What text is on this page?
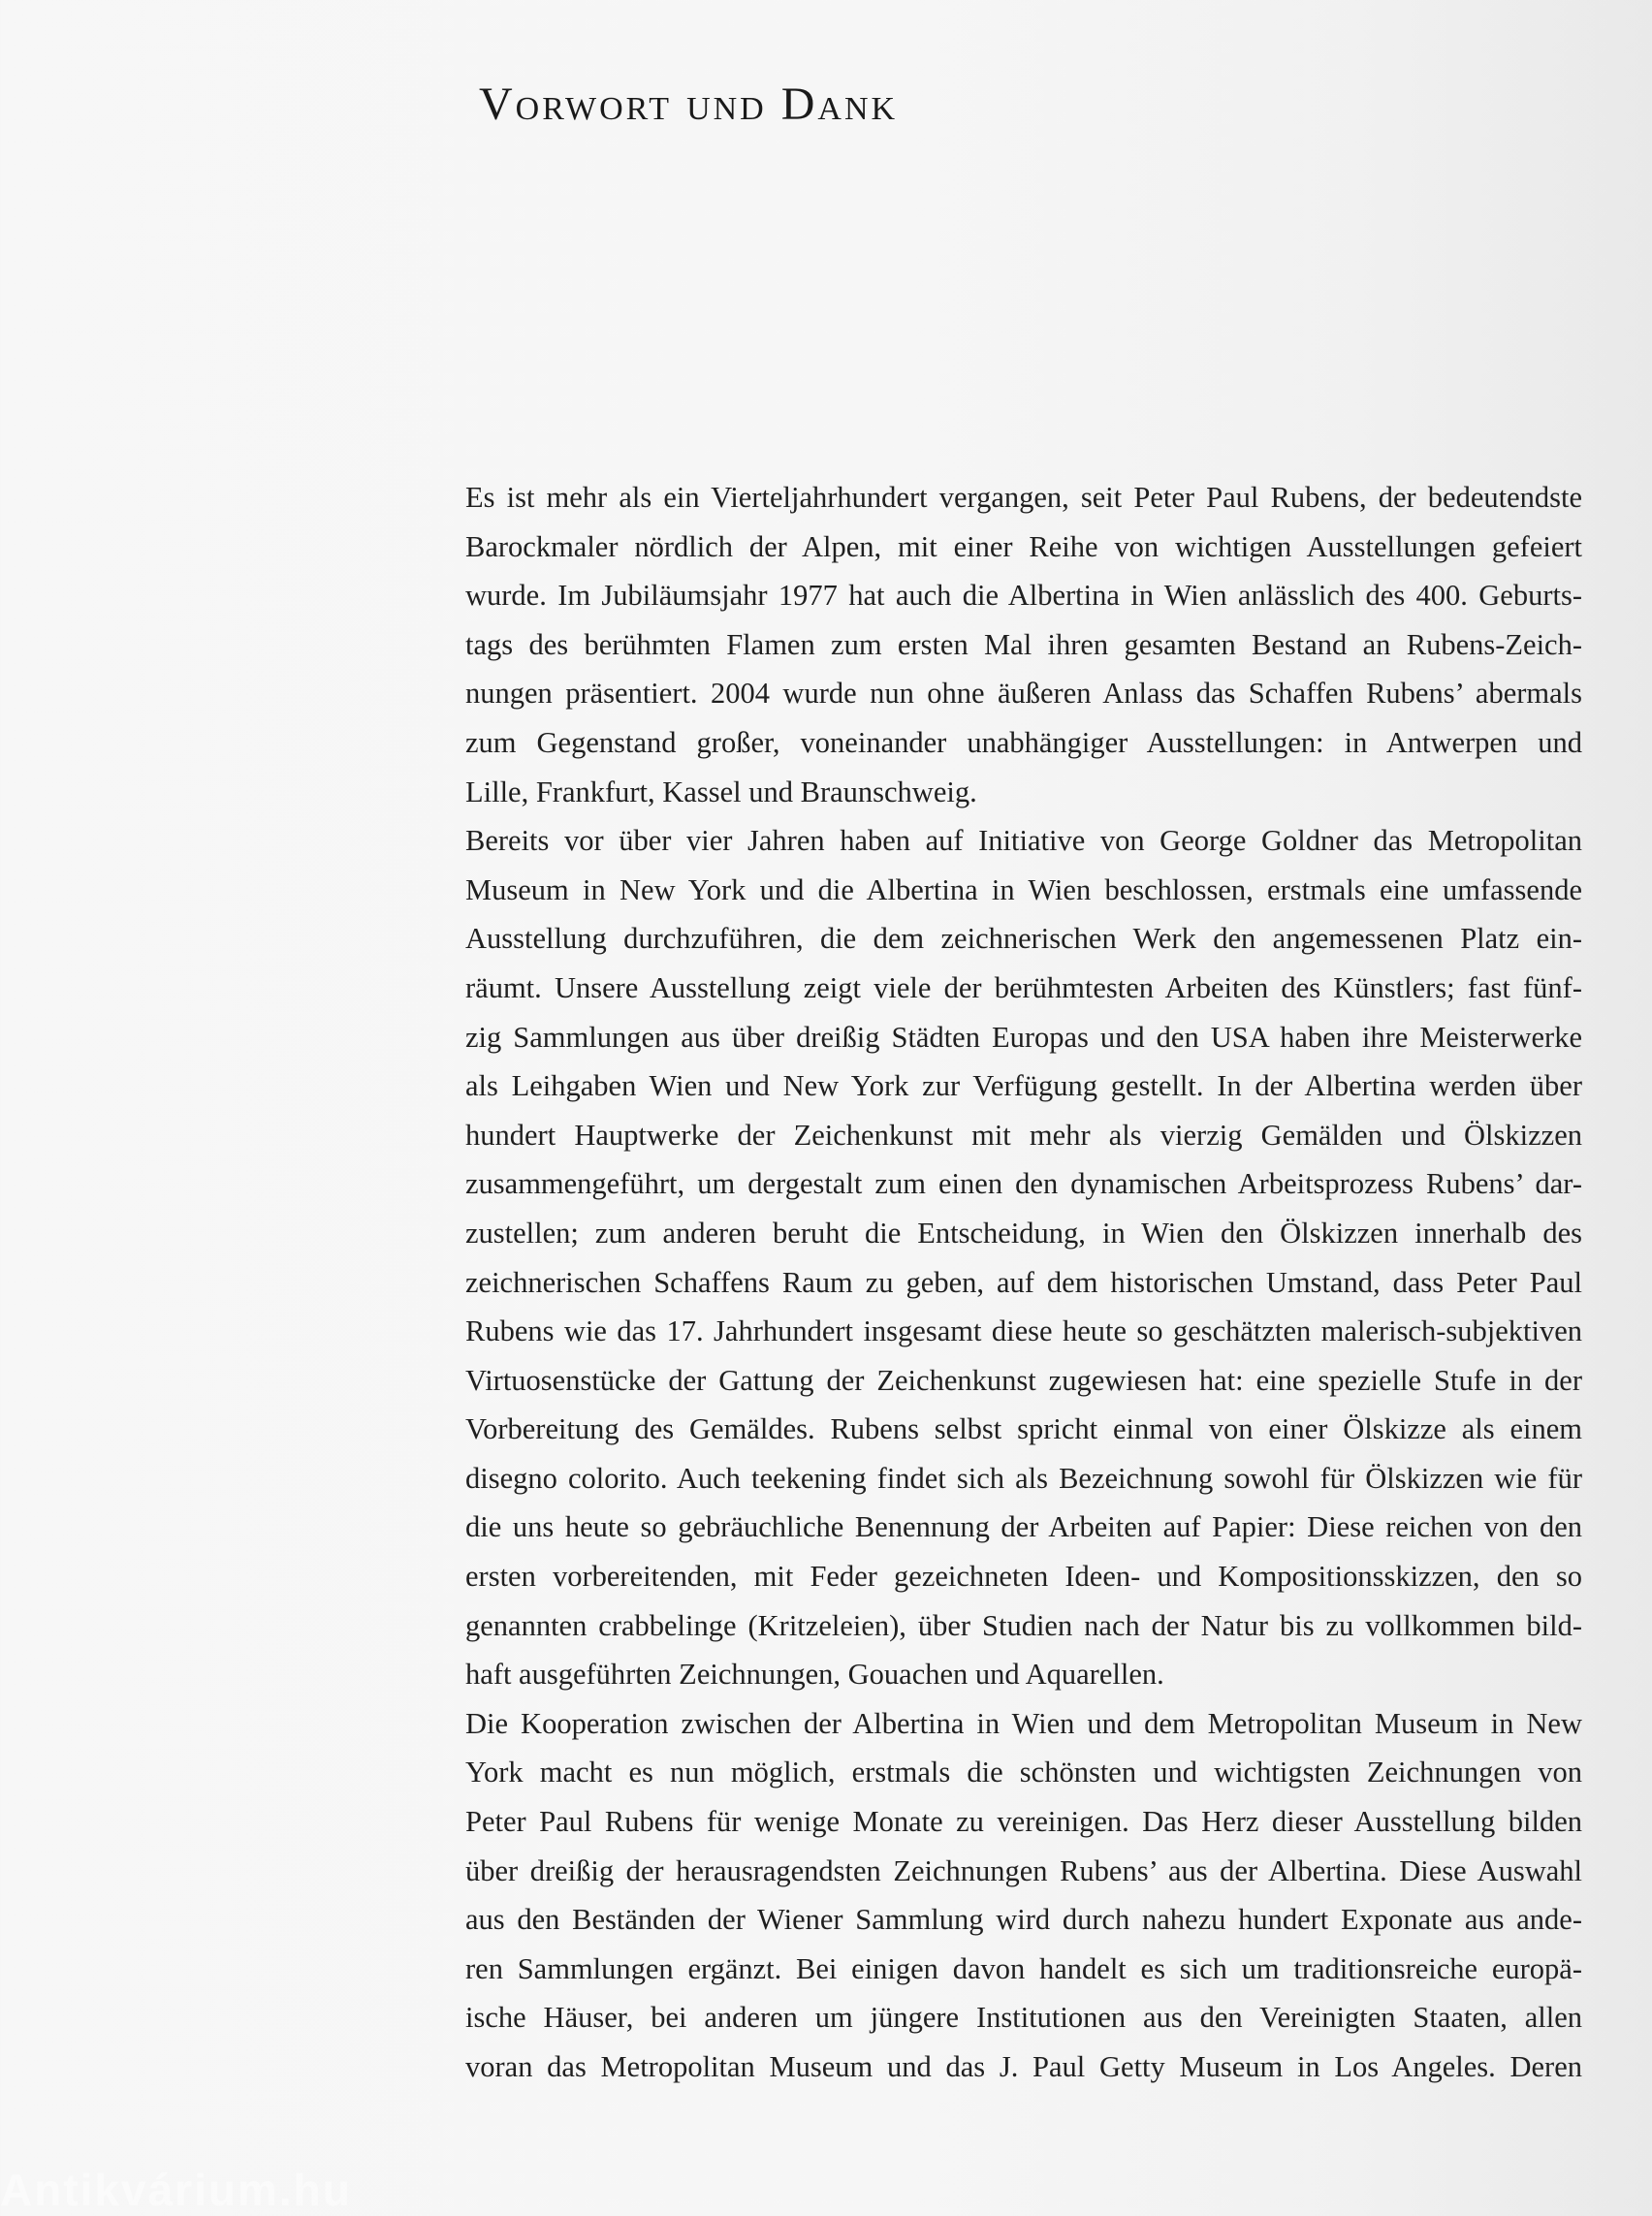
Vorwort und Dank
Es ist mehr als ein Vierteljahrhundert vergangen, seit Peter Paul Rubens, der bedeutendste
Barockmaler nördlich der Alpen, mit einer Reihe von wichtigen Ausstellungen gefeiert
wurde. Im Jubiläumsjahr 1977 hat auch die Albertina in Wien anlässlich des 400. Geburts-
tags des berühmten Flamen zum ersten Mal ihren gesamten Bestand an Rubens-Zeich-
nungen präsentiert. 2004 wurde nun ohne äußeren Anlass das Schaffen Rubens’ abermals
zum Gegenstand großer, voneinander unabhängiger Ausstellungen: in Antwerpen und
Lille, Frankfurt, Kassel und Braunschweig.
Bereits vor über vier Jahren haben auf Initiative von George Goldner das Metropolitan
Museum in New York und die Albertina in Wien beschlossen, erstmals eine umfassende
Ausstellung durchzuführen, die dem zeichnerischen Werk den angemessenen Platz ein-
räumt. Unsere Ausstellung zeigt viele der berühmtesten Arbeiten des Künstlers; fast fünf-
zig Sammlungen aus über dreißig Städten Europas und den USA haben ihre Meisterwerke
als Leihgaben Wien und New York zur Verfügung gestellt. In der Albertina werden über
hundert Hauptwerke der Zeichenkunst mit mehr als vierzig Gemälden und Ölskizzen
zusammengeführt, um dergestalt zum einen den dynamischen Arbeitsprozess Rubens’ dar-
zustellen; zum anderen beruht die Entscheidung, in Wien den Ölskizzen innerhalb des
zeichnerischen Schaffens Raum zu geben, auf dem historischen Umstand, dass Peter Paul
Rubens wie das 17. Jahrhundert insgesamt diese heute so geschätzten malerisch-subjektiven
Virtuosenstücke der Gattung der Zeichenkunst zugewiesen hat: eine spezielle Stufe in der
Vorbereitung des Gemäldes. Rubens selbst spricht einmal von einer Ölskizze als einem
disegno colorito. Auch teekening findet sich als Bezeichnung sowohl für Ölskizzen wie für
die uns heute so gebräuchliche Benennung der Arbeiten auf Papier: Diese reichen von den
ersten vorbereitenden, mit Feder gezeichneten Ideen- und Kompositionsskizzen, den so
genannten crabbelinge (Kritzeleien), über Studien nach der Natur bis zu vollkommen bild-
haft ausgeführten Zeichnungen, Gouachen und Aquarellen.
Die Kooperation zwischen der Albertina in Wien und dem Metropolitan Museum in New
York macht es nun möglich, erstmals die schönsten und wichtigsten Zeichnungen von
Peter Paul Rubens für wenige Monate zu vereinigen. Das Herz dieser Ausstellung bilden
über dreißig der herausragendsten Zeichnungen Rubens’ aus der Albertina. Diese Auswahl
aus den Beständen der Wiener Sammlung wird durch nahezu hundert Exponate aus ande-
ren Sammlungen ergänzt. Bei einigen davon handelt es sich um traditionsreiche europä-
ische Häuser, bei anderen um jüngere Institutionen aus den Vereinigten Staaten, allen
voran das Metropolitan Museum und das J. Paul Getty Museum in Los Angeles. Deren
Antikvárium.hu
